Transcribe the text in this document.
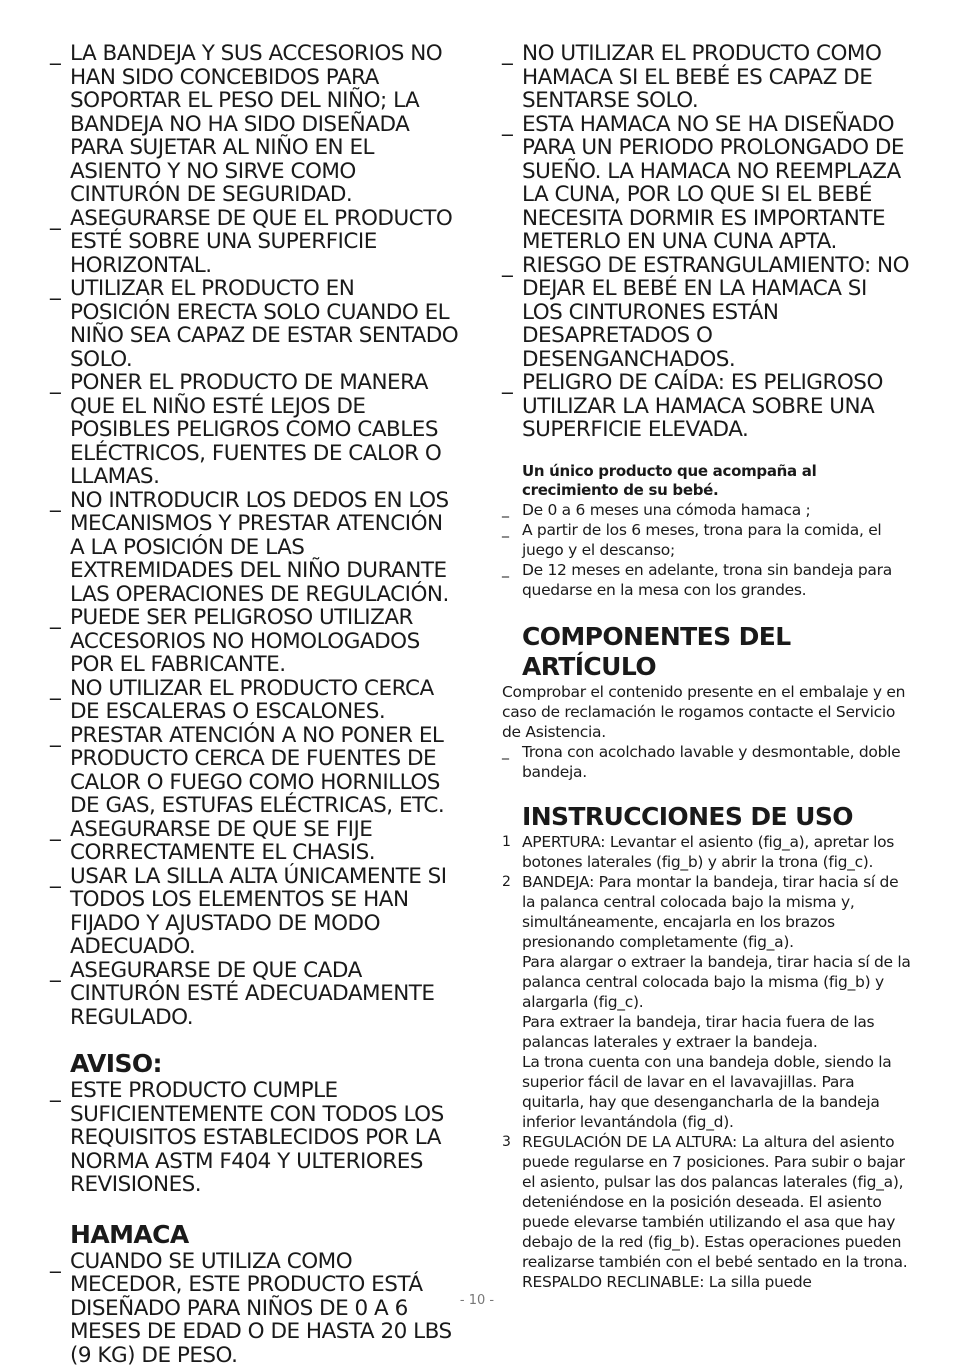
_ LA BANDEJA Y SUS ACCESORIOS NO HAN SIDO CONCEBIDOS PARA SOPORTAR EL PESO DEL NIÑO; LA BANDEJA NO HA SIDO DISEÑADA PARA SUJETAR AL NIÑO EN EL ASIENTO Y NO SIRVE COMO CINTURÓN DE SEGURIDAD.
_ ASEGURARSE DE QUE EL PRODUCTO ESTÉ SOBRE UNA SUPERFICIE HORIZONTAL.
_ UTILIZAR EL PRODUCTO EN POSICIÓN ERECTA SOLO CUANDO EL NIÑO SEA CAPAZ DE ESTAR SENTADO SOLO.
_ PONER EL PRODUCTO DE MANERA QUE EL NIÑO ESTÉ LEJOS DE POSIBLES PELIGROS COMO CABLES ELÉCTRICOS, FUENTES DE CALOR O LLAMAS.
_ NO INTRODUCIR LOS DEDOS EN LOS MECANISMOS Y PRESTAR ATENCIÓN A LA POSICIÓN DE LAS EXTREMIDADES DEL NIÑO DURANTE LAS OPERACIONES DE REGULACIÓN.
_ PUEDE SER PELIGROSO UTILIZAR ACCESORIOS NO HOMOLOGADOS POR EL FABRICANTE.
_ NO UTILIZAR EL PRODUCTO CERCA DE ESCALERAS O ESCALONES.
_ PRESTAR ATENCIÓN A NO PONER EL PRODUCTO CERCA DE FUENTES DE CALOR O FUEGO COMO HORNILLOS DE GAS, ESTUFAS ELÉCTRICAS, ETC.
_ ASEGURARSE DE QUE SE FIJE CORRECTAMENTE EL CHASIS.
_ USAR LA SILLA ALTA ÚNICAMENTE SI TODOS LOS ELEMENTOS SE HAN FIJADO Y AJUSTADO DE MODO ADECUADO.
_ ASEGURARSE DE QUE CADA CINTURÓN ESTÉ ADECUADAMENTE REGULADO.
AVISO:
_ ESTE PRODUCTO CUMPLE SUFICIENTEMENTE CON TODOS LOS REQUISITOS ESTABLECIDOS POR LA NORMA ASTM F404 Y ULTERIORES REVISIONES.
HAMACA
_ CUANDO SE UTILIZA COMO MECEDOR, ESTE PRODUCTO ESTÁ DISEÑADO PARA NIÑOS DE 0 A 6 MESES DE EDAD O DE HASTA 20 LBS (9 KG) DE PESO.
_ NO UTILIZAR EL PRODUCTO COMO HAMACA SI EL BEBÉ ES CAPAZ DE SENTARSE SOLO.
_ ESTA HAMACA NO SE HA DISEÑADO PARA UN PERIODO PROLONGADO DE SUEÑO. LA HAMACA NO REEMPLAZA LA CUNA, POR LO QUE SI EL BEBÉ NECESITA DORMIR ES IMPORTANTE METERLO EN UNA CUNA APTA.
_ RIESGO DE ESTRANGULAMIENTO: NO DEJAR EL BEBÉ EN LA HAMACA SI LOS CINTURONES ESTÁN DESAPRETADOS O DESENGANCHADOS.
_ PELIGRO DE CAÍDA: ES PELIGROSO UTILIZAR LA HAMACA SOBRE UNA SUPERFICIE ELEVADA.
Un único producto que acompaña al crecimiento de su bebé.
_ De 0 a 6 meses una cómoda hamaca ;
_ A partir de los 6 meses, trona para la comida, el juego y el descanso;
_ De 12 meses en adelante, trona sin bandeja para quedarse en la mesa con los grandes.
COMPONENTES DEL ARTÍCULO
Comprobar el contenido presente en el embalaje y en caso de reclamación le rogamos contacte el Servicio de Asistencia.
_ Trona con acolchado lavable y desmontable, doble bandeja.
INSTRUCCIONES DE USO
1 APERTURA: Levantar el asiento (fig_a), apretar los botones laterales (fig_b) y abrir la trona (fig_c).
2 BANDEJA: Para montar la bandeja, tirar hacia sí de la palanca central colocada bajo la misma y, simultáneamente, encajarla en los brazos presionando completamente (fig_a).
Para alargar o extraer la bandeja, tirar hacia sí de la palanca central colocada bajo la misma (fig_b) y alargarla (fig_c).
Para extraer la bandeja, tirar hacia fuera de las palancas laterales y extraer la bandeja.
La trona cuenta con una bandeja doble, siendo la superior fácil de lavar en el lavavajillas. Para quitarla, hay que desengancharla de la bandeja inferior levantándola (fig_d).
3 REGULACIÓN DE LA ALTURA: La altura del asiento puede regularse en 7 posiciones. Para subir o bajar el asiento, pulsar las dos palancas laterales (fig_a), deteniéndose en la posición deseada. El asiento puede elevarse también utilizando el asa que hay debajo de la red (fig_b). Estas operaciones pueden realizarse también con el bebé sentado en la trona.
RESPALDO RECLINABLE: La silla puede
- 10 -
